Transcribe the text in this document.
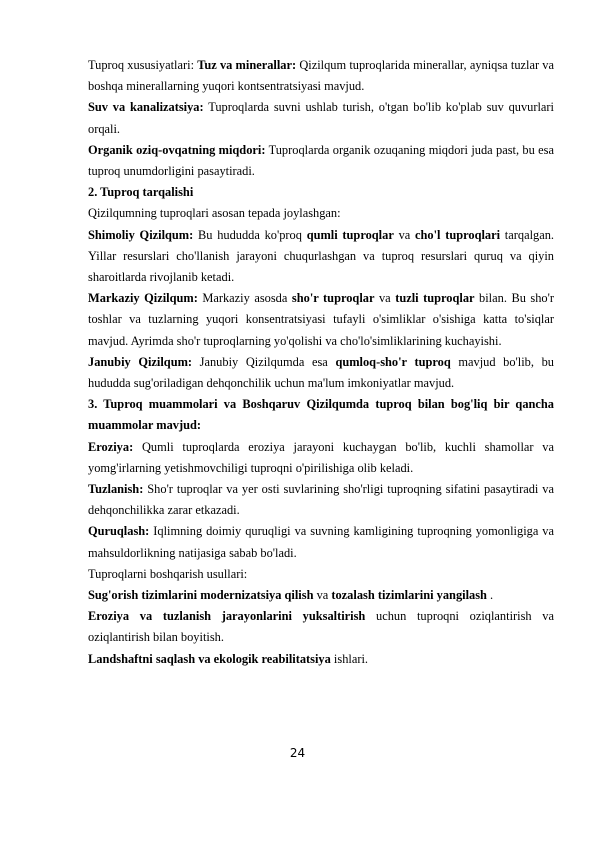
Tuproq xususiyatlari: Tuz va minerallar: Qizilqum tuproqlarida minerallar, ayniqsa tuzlar va boshqa minerallarning yuqori kontsentratsiyasi mavjud.

Suv va kanalizatsiya: Tuproqlarda suvni ushlab turish, o'tgan bo'lib ko'plab suv quvurlari orqali.

Organik oziq-ovqatning miqdori: Tuproqlarda organik ozuqaning miqdori juda past, bu esa tuproq unumdorligini pasaytiradi.

2. Tuproq tarqalishi

Qizilqumning tuproqlari asosan tepada joylashgan:

Shimoliy Qizilqum: Bu hududda ko'proq qumli tuproqlar va cho'l tuproqlari tarqalgan. Yillar resurslari cho'llanish jarayoni chuqurlashgan va tuproq resurslari quruq va qiyin sharoitlarda rivojlanib ketadi.

Markaziy Qizilqum: Markaziy asosda sho'r tuproqlar va tuzli tuproqlar bilan. Bu sho'r toshlar va tuzlarning yuqori konsentratsiyasi tufayli o'simliklar o'sishiga katta to'siqlar mavjud. Ayrimda sho'r tuproqlarning yo'qolishi va cho'lo'simliklarining kuchayishi.

Janubiy Qizilqum: Janubiy Qizilqumda esa qumloq-sho'r tuproq mavjud bo'lib, bu hududda sug'oriladigan dehqonchilik uchun ma'lum imkoniyatlar mavjud.

3. Tuproq muammolari va Boshqaruv Qizilqumda tuproq bilan bog'liq bir qancha muammolar mavjud:

Eroziya: Qumli tuproqlarda eroziya jarayoni kuchaygan bo'lib, kuchli shamollar va yomg'irlarning yetishmovchiligi tuproqni o'pirilishiga olib keladi.

Tuzlanish: Sho'r tuproqlar va yer osti suvlarining sho'rligi tuproqning sifatini pasaytiradi va dehqonchilikka zarar etkazadi.

Quruqlash: Iqlimning doimiy quruqligi va suvning kamligining tuproqning yomonligiga va mahsuldorlikning natijasiga sabab bo'ladi.

Tuproqlarni boshqarish usullari:

Sug'orish tizimlarini modernizatsiya qilish va tozalash tizimlarini yangilash .

Eroziya va tuzlanish jarayonlarini yuksaltirish uchun tuproqni oziqlantirish va oziqlantirish bilan boyitish.

Landshaftni saqlash va ekologik reabilitatsiya ishlari.

24
